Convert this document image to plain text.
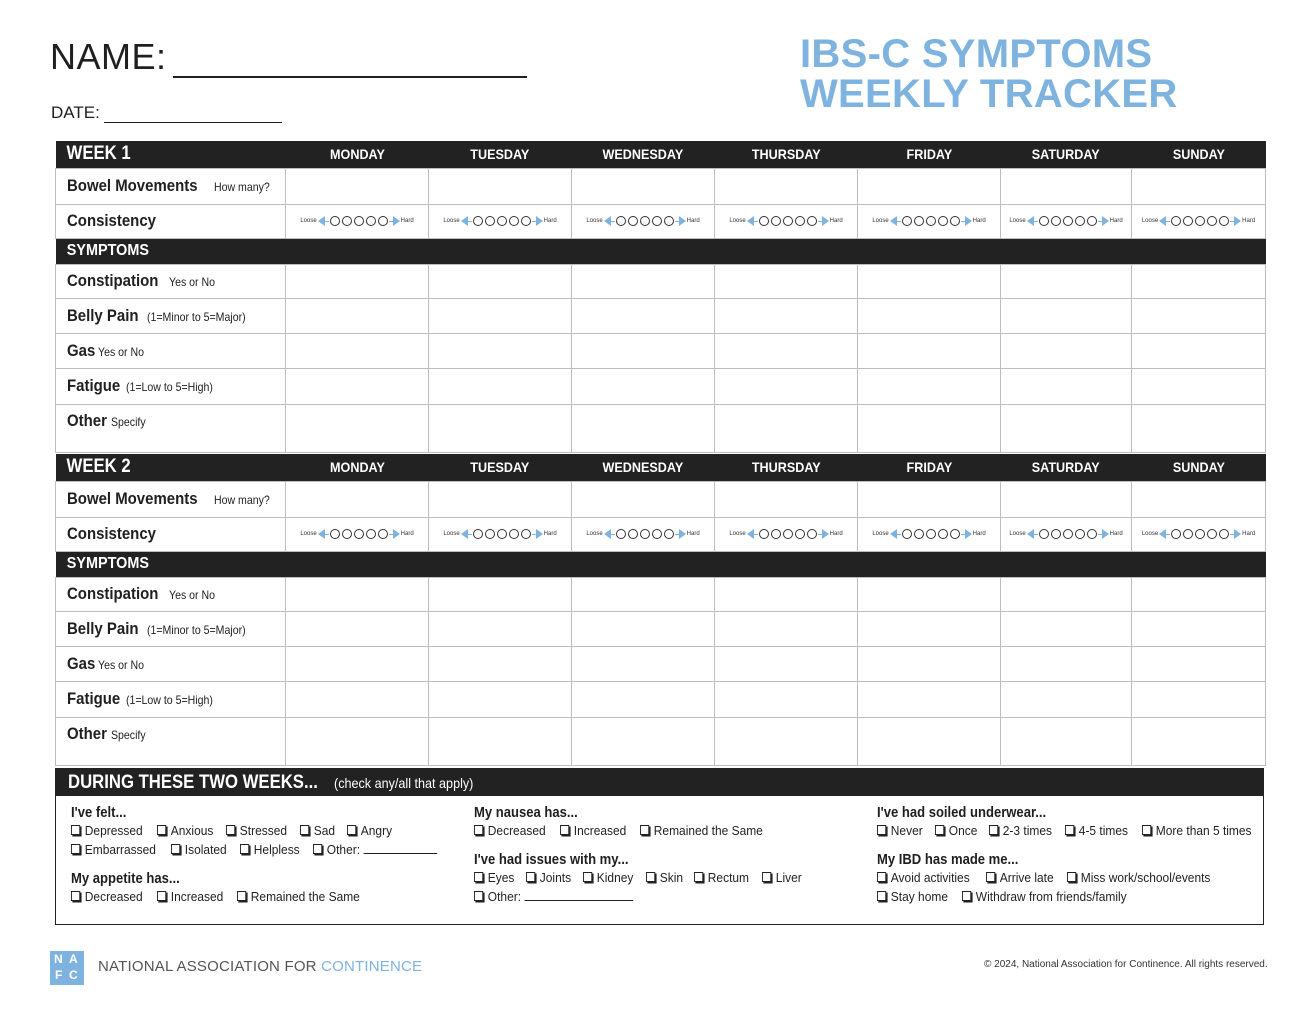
NAME:
DATE:
IBS-C SYMPTOMS
WEEKLY TRACKER
WEEK 1	MONDAY	TUESDAY	WEDNESDAY	THURSDAY	FRIDAY	SATURDAY	SUNDAY
Bowel Movements How many?							
Consistency	Loose Hard	Loose Hard	Loose Hard	Loose Hard	Loose Hard	Loose Hard	Loose Hard

SYMPTOMS							
Constipation Yes or No							
Belly Pain (1=Minor to 5=Major)							
Gas Yes or No							
Fatigue (1=Low to 5=High)							
Other Specify							
WEEK 2	MONDAY	TUESDAY	WEDNESDAY	THURSDAY	FRIDAY	SATURDAY	SUNDAY
Bowel Movements How many?							
Consistency	Loose Hard	Loose Hard	Loose Hard	Loose Hard	Loose Hard	Loose Hard	Loose Hard

SYMPTOMS							
Constipation Yes or No							
Belly Pain (1=Minor to 5=Major)							
Gas Yes or No							
Fatigue (1=Low to 5=High)							
Other Specify							
DURING THESE TWO WEEKS... (check any/all that apply)
I've felt...
Depressed Anxious Stressed Sad Angry
Embarrassed Isolated Helpless Other:
My appetite has...
Decreased Increased Remained the Same
My nausea has...
Decreased Increased Remained the Same
I've had issues with my...
Eyes Joints Kidney Skin Rectum Liver
Other:
I've had soiled underwear...
Never Once 2-3 times 4-5 times More than 5 times
My IBD has made me...
Avoid activities Arrive late Miss work/school/events
Stay home Withdraw from friends/family
N A
F C NATIONAL ASSOCIATION FOR CONTINENCE	© 2024, National Association for Continence. All rights reserved.
